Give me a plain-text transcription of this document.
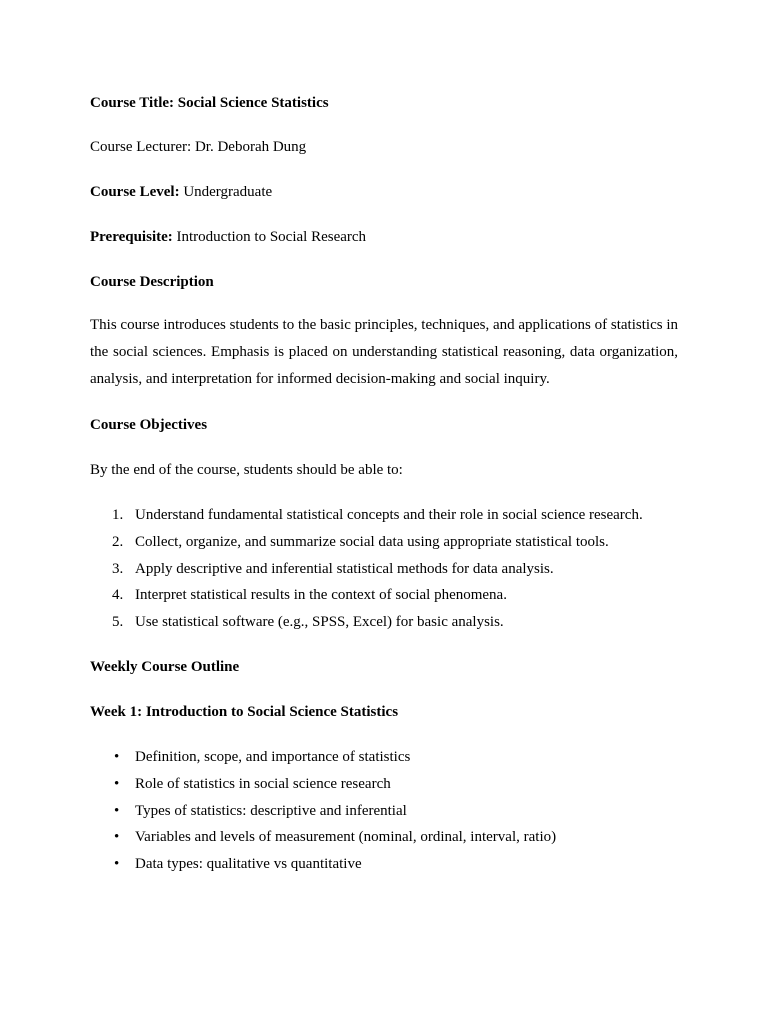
Course Title: Social Science Statistics
Course Lecturer: Dr. Deborah Dung
Course Level: Undergraduate
Prerequisite: Introduction to Social Research
Course Description
This course introduces students to the basic principles, techniques, and applications of statistics in the social sciences. Emphasis is placed on understanding statistical reasoning, data organization, analysis, and interpretation for informed decision-making and social inquiry.
Course Objectives
By the end of the course, students should be able to:
1. Understand fundamental statistical concepts and their role in social science research.
2. Collect, organize, and summarize social data using appropriate statistical tools.
3. Apply descriptive and inferential statistical methods for data analysis.
4. Interpret statistical results in the context of social phenomena.
5. Use statistical software (e.g., SPSS, Excel) for basic analysis.
Weekly Course Outline
Week 1: Introduction to Social Science Statistics
• Definition, scope, and importance of statistics
• Role of statistics in social science research
• Types of statistics: descriptive and inferential
• Variables and levels of measurement (nominal, ordinal, interval, ratio)
• Data types: qualitative vs quantitative
